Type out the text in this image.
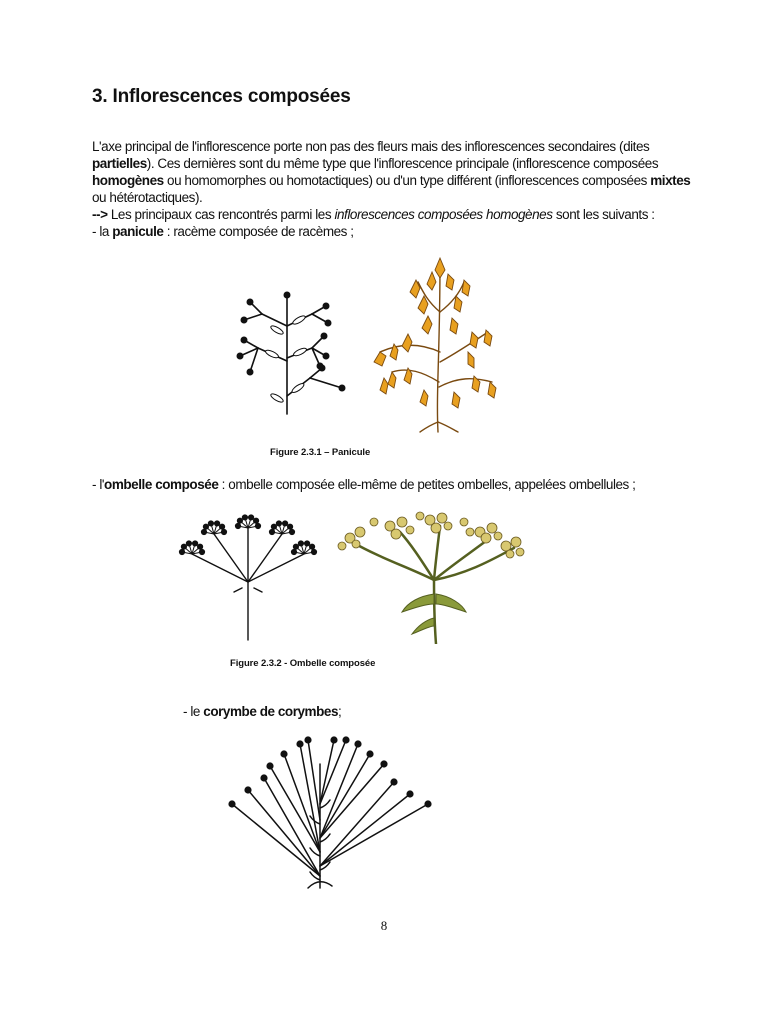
3. Inflorescences composées

L'axe principal de l'inflorescence porte non pas des fleurs mais des inflorescences secondaires (dites partielles). Ces dernières sont du même type que l'inflorescence principale (inflorescence composées homogènes ou homomorphes ou homotactiques) ou d'un type différent (inflorescences composées mixtes ou hétérotactiques).

--> Les principaux cas rencontrés parmi les inflorescences composées homogènes sont les suivants :

- la panicule : racème composée de racèmes ;

Figure 2.3.1 – Panicule
- l'ombelle composée : ombelle composée elle-même de petites ombelles, appelées ombellules ;
Figure 2.3.2 - Ombelle composée
- le corymbe de corymbes;
8
